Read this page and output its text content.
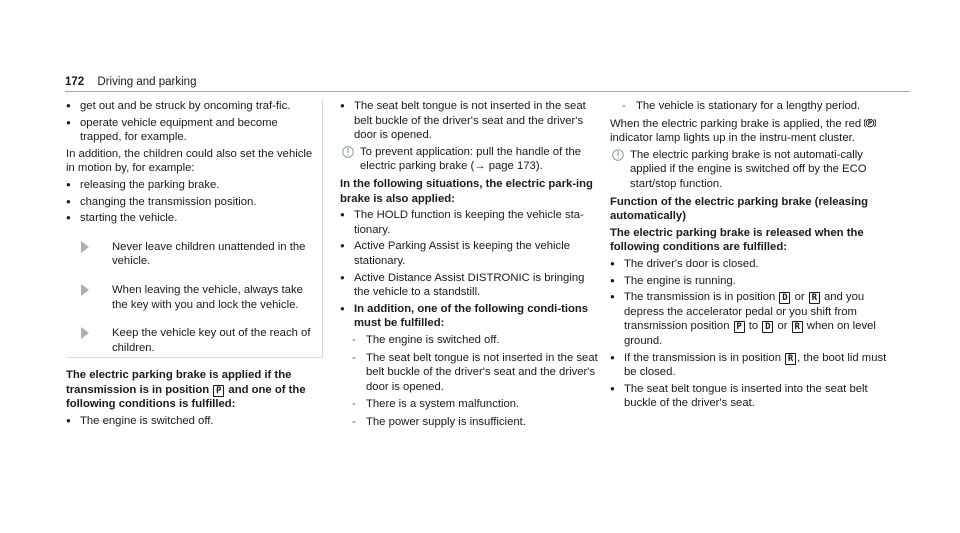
172 Driving and parking
● get out and be struck by oncoming traf-fic.
● operate vehicle equipment and become trapped, for example.

In addition, the children could also set the vehicle in motion by, for example:

● releasing the parking brake.
● changing the transmission position.
● starting the vehicle.
Never leave children unattended in the vehicle.
When leaving the vehicle, always take the key with you and lock the vehicle.
Keep the vehicle key out of the reach of children.

The electric parking brake is applied if the transmission is in position P and one of the following conditions is fulfilled:

● The engine is switched off.
● The seat belt tongue is not inserted in the seat belt buckle of the driver's seat and the driver's door is opened.
To prevent application: pull the handle of the electric parking brake (→ page 173).

In the following situations, the electric park-ing brake is also applied:

● The HOLD function is keeping the vehicle sta-tionary.
● Active Parking Assist is keeping the vehicle stationary.
● Active Distance Assist DISTRONIC is bringing the vehicle to a standstill.
● In addition, one of the following condi-tions must be fulfilled:
- The engine is switched off.
- The seat belt tongue is not inserted in the seat belt buckle of the driver's seat and the driver's door is opened.
- There is a system malfunction.
- The power supply is insufficient.
- The vehicle is stationary for a lengthy period.

When the electric parking brake is applied, the red P
indicator lamp lights up in the instru-ment cluster.

The electric parking brake is not automati-cally applied if the engine is switched off by the ECO start/stop function.

Function of the electric parking brake (releasing automatically)

The electric parking brake is released when the following conditions are fulfilled:

● The driver's door is closed.
● The engine is running.
● The transmission is in position D or R and you depress the accelerator pedal or you shift from transmission position P to D or R when on level ground.
● If the transmission is in position R , the boot lid must be closed.
● The seat belt tongue is inserted into the seat belt buckle of the driver's seat.
